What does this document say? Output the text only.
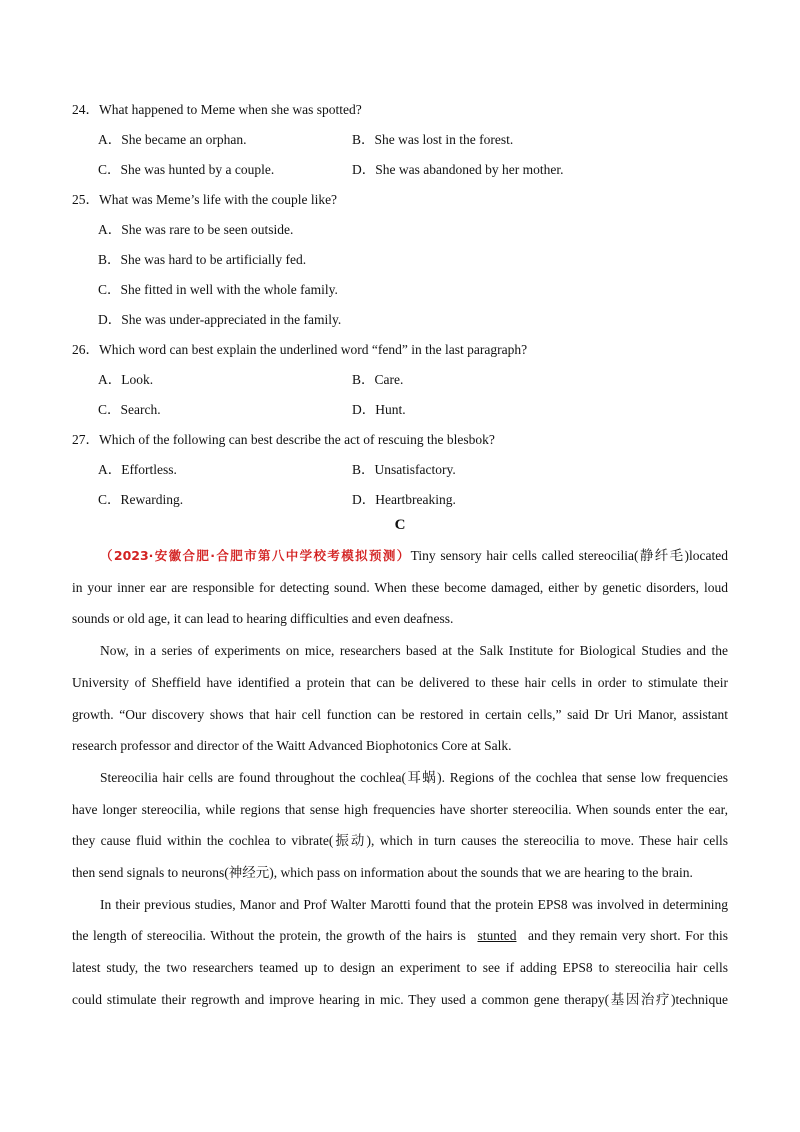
24．What happened to Meme when she was spotted?
A．She became an orphan.	B．She was lost in the forest.
C．She was hunted by a couple.	D．She was abandoned by her mother.
25．What was Meme’s life with the couple like?
A．She was rare to be seen outside.
B．She was hard to be artificially fed.
C．She fitted in well with the whole family.
D．She was under-appreciated in the family.
26．Which word can best explain the underlined word “fend” in the last paragraph?
A．Look.	B．Care.
C．Search.	D．Hunt.
27．Which of the following can best describe the act of rescuing the blesbok?
A．Effortless.	B．Unsatisfactory.
C．Rewarding.	D．Heartbreaking.
C

（2023·安徽合肥·合肥市第八中学校考模拟预测）Tiny sensory hair cells called stereocilia(静纤毛)located
in your inner ear are responsible for detecting sound. When these become damaged, either by genetic disorders, loud
sounds or old age, it can lead to hearing difficulties and even deafness.

Now, in a series of experiments on mice, researchers based at the Salk Institute for Biological Studies and the
University of Sheffield have identified a protein that can be delivered to these hair cells in order to stimulate their
growth. “Our discovery shows that hair cell function can be restored in certain cells,” said Dr Uri Manor, assistant
research professor and director of the Waitt Advanced Biophotonics Core at Salk.

Stereocilia hair cells are found throughout the cochlea(耳蜗). Regions of the cochlea that sense low frequencies
have longer stereocilia, while regions that sense high frequencies have shorter stereocilia. When sounds enter the ear,
they cause fluid within the cochlea to vibrate(振动), which in turn causes the stereocilia to move. These hair cells
then send signals to neurons(神经元), which pass on information about the sounds that we are hearing to the brain.

In their previous studies, Manor and Prof Walter Marotti found that the protein EPS8 was involved in determining
the length of stereocilia. Without the protein, the growth of the hairs is stunted and they remain very short. For this
latest study, the two researchers teamed up to design an experiment to see if adding EPS8 to stereocilia hair cells
could stimulate their regrowth and improve hearing in mic. They used a common gene therapy(基因治疗)technique
